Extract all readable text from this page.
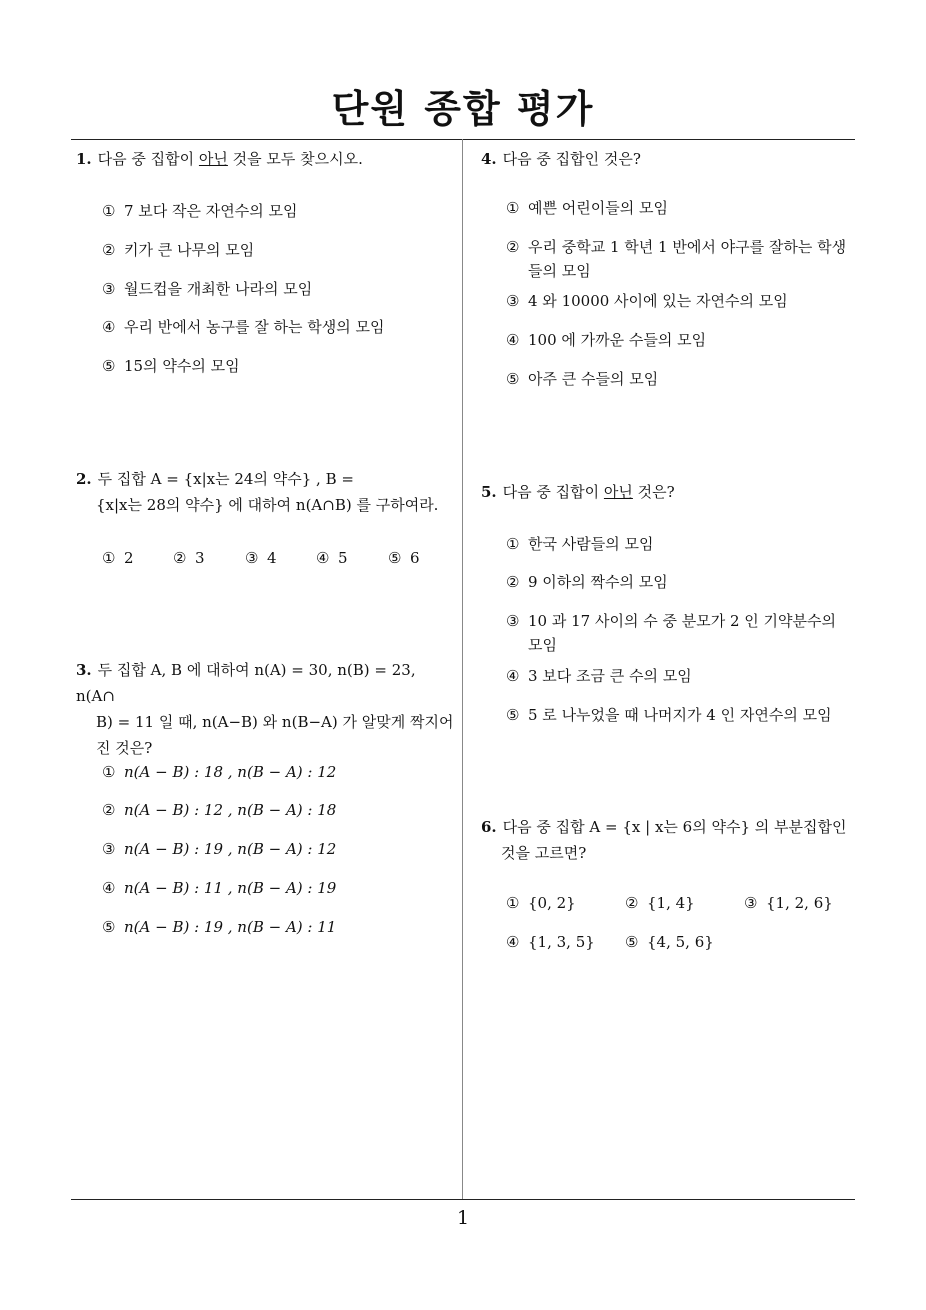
단원 종합 평가
1
1. 다음 중 집합이 아닌 것을 모두 찾으시오.
① 7 보다 작은 자연수의 모임
② 키가 큰 나무의 모임
③ 월드컵을 개최한 나라의 모임
④ 우리 반에서 농구를 잘 하는 학생의 모임
⑤ 15의 약수의 모임
2. 두 집합 A = {x|x는 24의 약수} , B =
{x|x는 28의 약수} 에 대하여 n(A∩B) 를 구하여라.
① 2	② 3	③ 4	④ 5	⑤ 6
3. 두 집합 A, B 에 대하여 n(A) = 30, n(B) = 23, n(A∩
B) = 11 일 때, n(A−B) 와 n(B−A) 가 알맞게 짝지어
진 것은?
① n(A − B) : 18 , n(B − A) : 12
② n(A − B) : 12 , n(B − A) : 18
③ n(A − B) : 19 , n(B − A) : 12
④ n(A − B) : 11 , n(B − A) : 19
⑤ n(A − B) : 19 , n(B − A) : 11
4. 다음 중 집합인 것은?
① 예쁜 어린이들의 모임
② 우리 중학교 1 학년 1 반에서 야구를 잘하는 학생
들의 모임
③ 4 와 10000 사이에 있는 자연수의 모임
④ 100 에 가까운 수들의 모임
⑤ 아주 큰 수들의 모임
5. 다음 중 집합이 아닌 것은?
① 한국 사람들의 모임
② 9 이하의 짝수의 모임
③ 10 과 17 사이의 수 중 분모가 2 인 기약분수의
모임
④ 3 보다 조금 큰 수의 모임
⑤ 5 로 나누었을 때 나머지가 4 인 자연수의 모임
6. 다음 중 집합 A = {x | x는 6의 약수} 의 부분집합인
것을 고르면?
① {0, 2}	② {1, 4}	③ {1, 2, 6}
④ {1, 3, 5} ⑤ {4, 5, 6}
